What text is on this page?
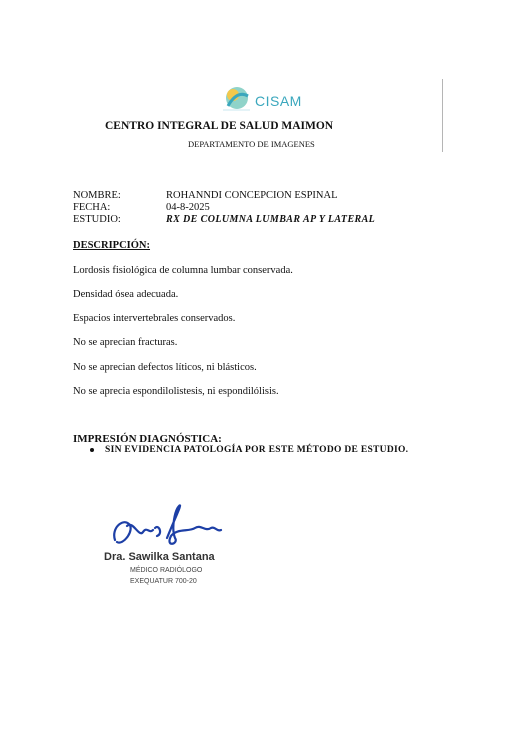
CISAM
CENTRO INTEGRAL DE SALUD MAIMON
DEPARTAMENTO DE IMAGENES
NOMBRE:	ROHANNDI CONCEPCION ESPINAL
FECHA:	04-8-2025
ESTUDIO:	RX DE COLUMNA LUMBAR AP Y LATERAL
DESCRIPCIÓN:
Lordosis fisiológica de columna lumbar conservada.
Densidad ósea adecuada.
Espacios intervertebrales conservados.
No se aprecian fracturas.
No se aprecian defectos líticos, ni blásticos.
No se aprecia espondilolistesis, ni espondilólisis.
IMPRESIÓN DIAGNÓSTICA:
SIN EVIDENCIA PATOLOGÍA POR ESTE MÉTODO DE ESTUDIO.
Dra. Sawilka Santana
MÉDICO RADIÓLOGO
EXEQUATUR 700-20
